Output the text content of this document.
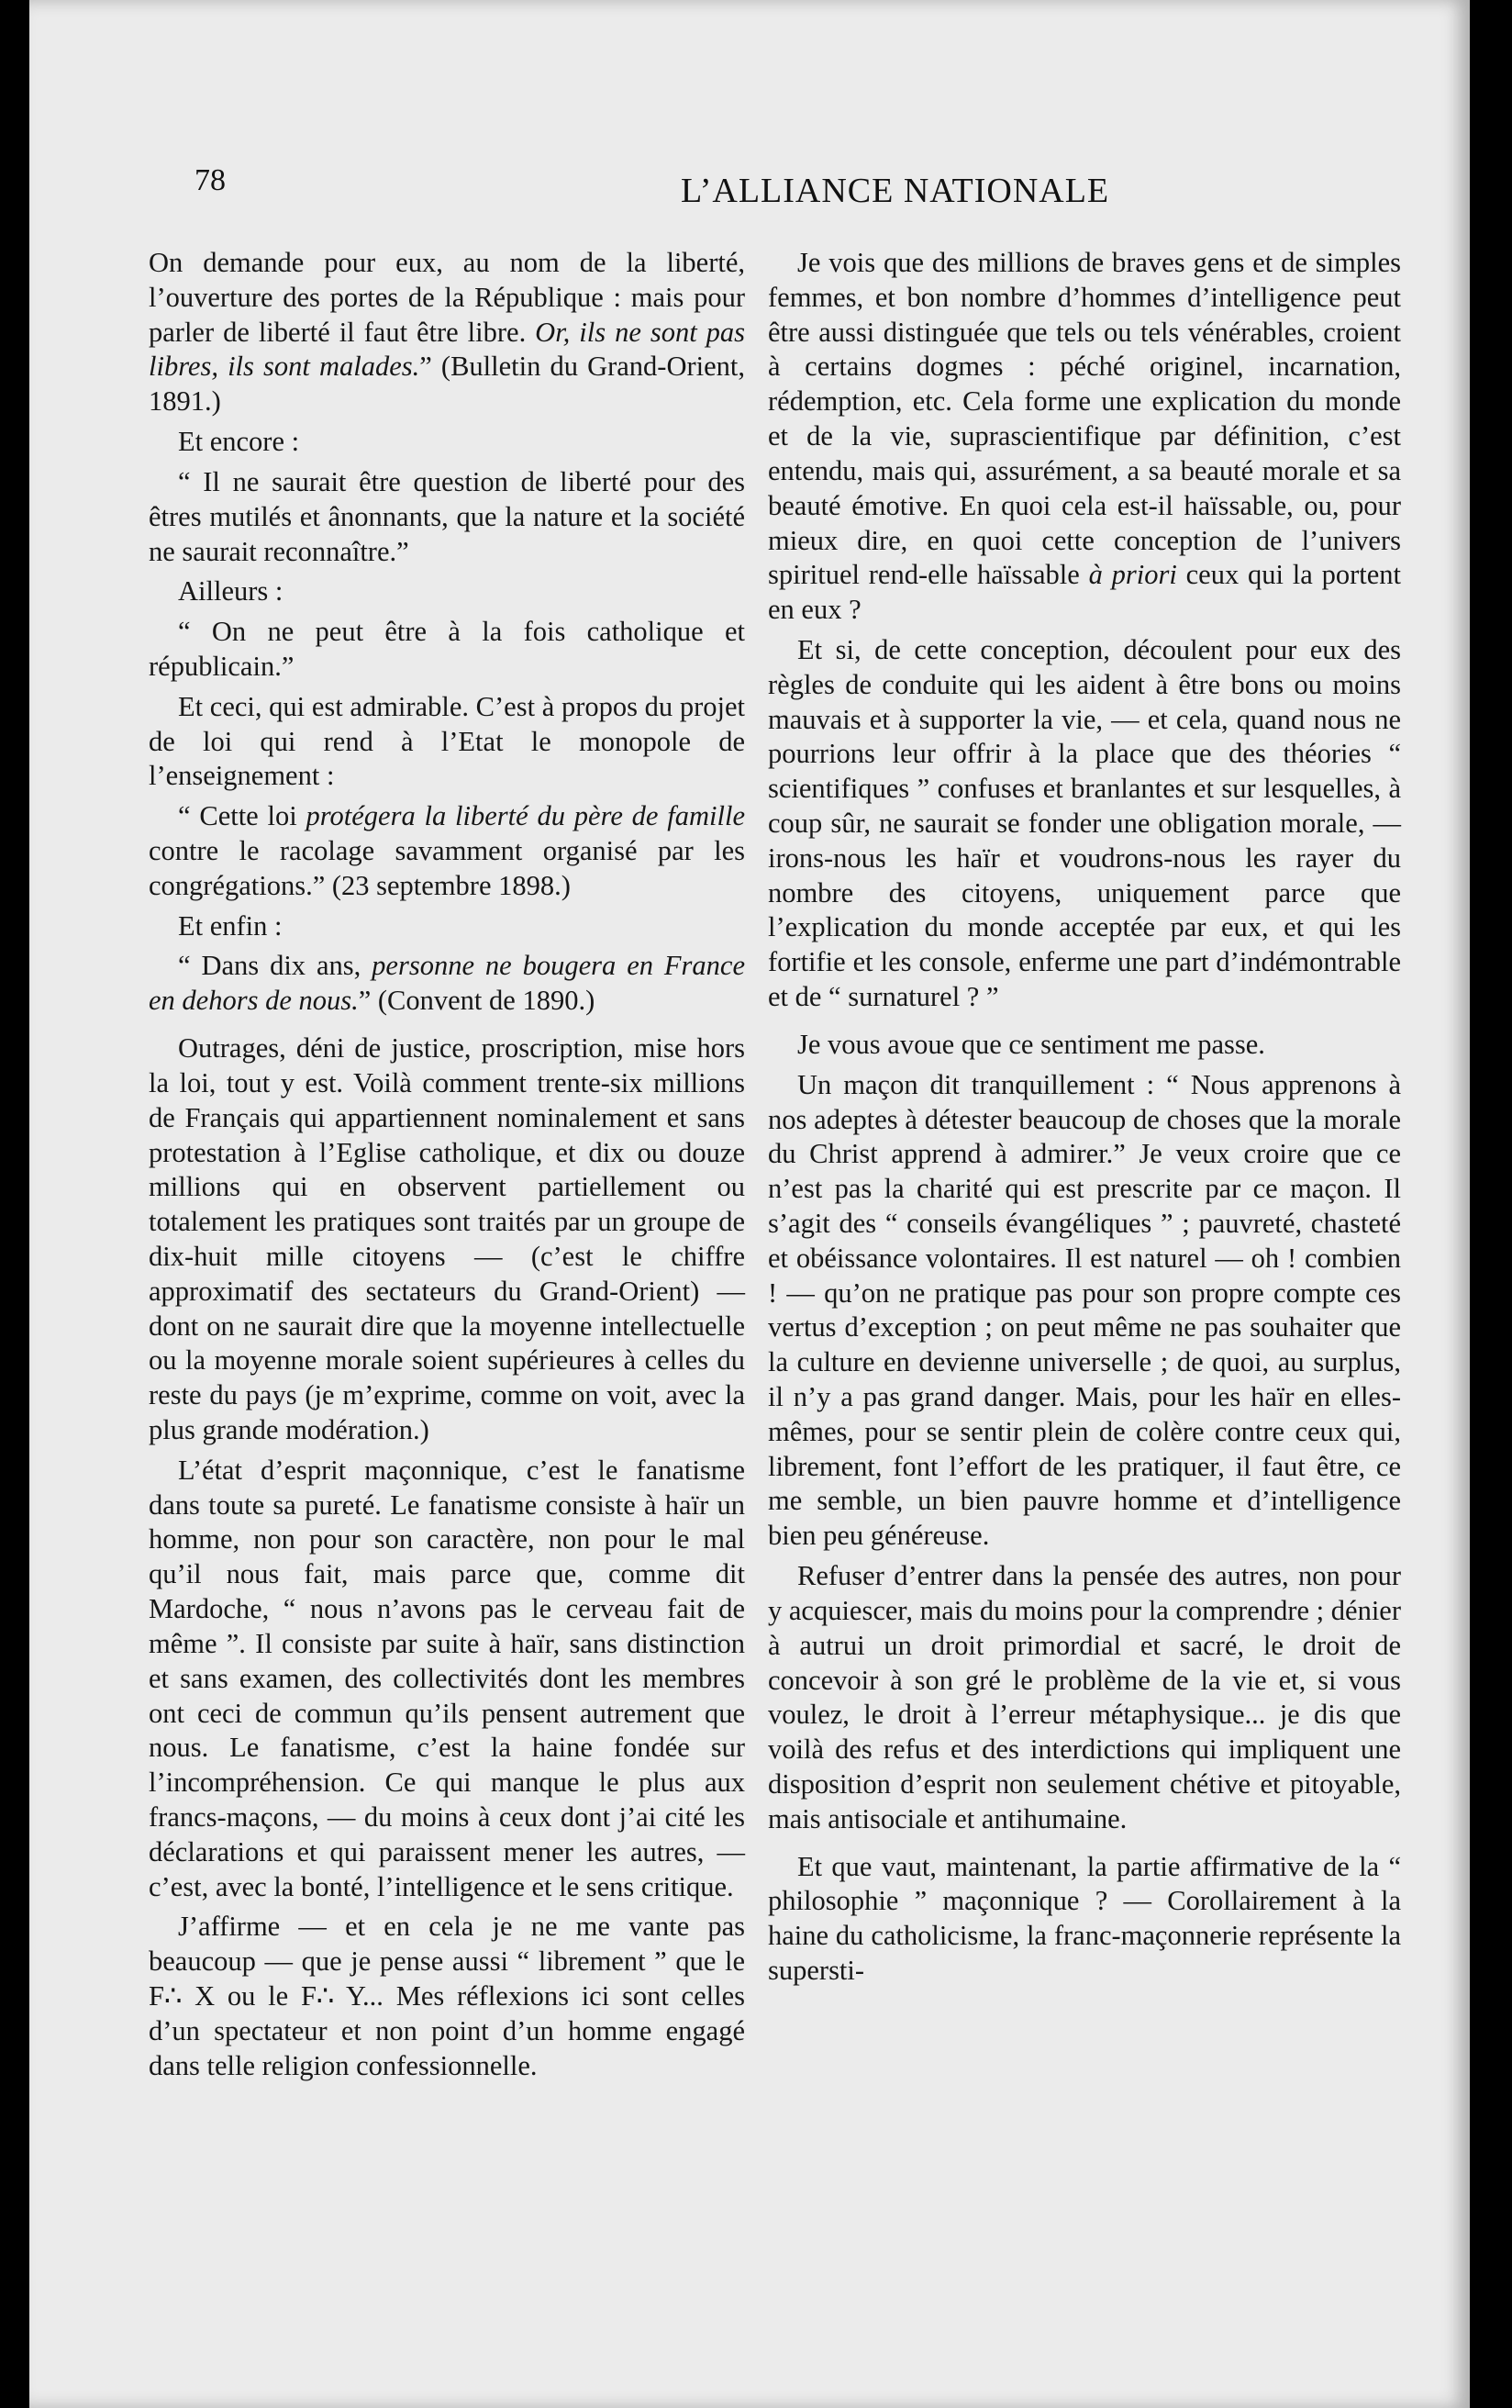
78	L’ALLIANCE NATIONALE

On demande pour eux, au nom de la liberté, l’ouverture des portes de la République : mais pour parler de liberté il faut être libre. Or, ils ne sont pas libres, ils sont malades.” (Bulletin du Grand-Orient, 1891.)

Et encore :

“ Il ne saurait être question de liberté pour des êtres mutilés et ânonnants, que la nature et la société ne saurait reconnaître.”

Ailleurs :

“ On ne peut être à la fois catholique et républicain.”

Et ceci, qui est admirable. C’est à propos du projet de loi qui rend à l’Etat le monopole de l’enseignement :

“ Cette loi protégera la liberté du père de famille contre le racolage savamment organisé par les congrégations.” (23 septembre 1898.)

Et enfin :

“ Dans dix ans, personne ne bougera en France en dehors de nous.” (Convent de 1890.)

Outrages, déni de justice, proscription, mise hors la loi, tout y est. Voilà comment trente-six millions de Français qui appartiennent nominalement et sans protestation à l’Eglise catholique, et dix ou douze millions qui en observent partiellement ou totalement les pratiques sont traités par un groupe de dix-huit mille citoyens — (c’est le chiffre approximatif des sectateurs du Grand-Orient) — dont on ne saurait dire que la moyenne intellectuelle ou la moyenne morale soient supérieures à celles du reste du pays (je m’exprime, comme on voit, avec la plus grande modération.)

L’état d’esprit maçonnique, c’est le fanatisme dans toute sa pureté. Le fanatisme consiste à haïr un homme, non pour son caractère, non pour le mal qu’il nous fait, mais parce que, comme dit Mardoche, “ nous n’avons pas le cerveau fait de même ”. Il consiste par suite à haïr, sans distinction et sans examen, des collectivités dont les membres ont ceci de commun qu’ils pensent autrement que nous. Le fanatisme, c’est la haine fondée sur l’incompréhension. Ce qui manque le plus aux francs-maçons, — du moins à ceux dont j’ai cité les déclarations et qui paraissent mener les autres, — c’est, avec la bonté, l’intelligence et le sens critique.

J’affirme — et en cela je ne me vante pas beaucoup — que je pense aussi “ librement ” que le F∴ X ou le F∴ Y... Mes réflexions ici sont celles d’un spectateur et non point d’un homme engagé dans telle religion confessionnelle.

Je vois que des millions de braves gens et de simples femmes, et bon nombre d’hommes d’intelligence peut être aussi distinguée que tels ou tels vénérables, croient à certains dogmes : péché originel, incarnation, rédemption, etc. Cela forme une explication du monde et de la vie, suprascientifique par définition, c’est entendu, mais qui, assurément, a sa beauté morale et sa beauté émotive. En quoi cela est-il haïssable, ou, pour mieux dire, en quoi cette conception de l’univers spirituel rend-elle haïssable à priori ceux qui la portent en eux ?

Et si, de cette conception, découlent pour eux des règles de conduite qui les aident à être bons ou moins mauvais et à supporter la vie, — et cela, quand nous ne pourrions leur offrir à la place que des théories “ scientifiques ” confuses et branlantes et sur lesquelles, à coup sûr, ne saurait se fonder une obligation morale, — irons-nous les haïr et voudrons-nous les rayer du nombre des citoyens, uniquement parce que l’explication du monde acceptée par eux, et qui les fortifie et les console, enferme une part d’indémontrable et de “ surnaturel ? ”

Je vous avoue que ce sentiment me passe.

Un maçon dit tranquillement : “ Nous apprenons à nos adeptes à détester beaucoup de choses que la morale du Christ apprend à admirer.” Je veux croire que ce n’est pas la charité qui est prescrite par ce maçon. Il s’agit des “ conseils évangéliques ” ; pauvreté, chasteté et obéissance volontaires. Il est naturel — oh ! combien ! — qu’on ne pratique pas pour son propre compte ces vertus d’exception ; on peut même ne pas souhaiter que la culture en devienne universelle ; de quoi, au surplus, il n’y a pas grand danger. Mais, pour les haïr en elles-mêmes, pour se sentir plein de colère contre ceux qui, librement, font l’effort de les pratiquer, il faut être, ce me semble, un bien pauvre homme et d’intelligence bien peu généreuse.

Refuser d’entrer dans la pensée des autres, non pour y acquiescer, mais du moins pour la comprendre ; dénier à autrui un droit primordial et sacré, le droit de concevoir à son gré le problème de la vie et, si vous voulez, le droit à l’erreur métaphysique... je dis que voilà des refus et des interdictions qui impliquent une disposition d’esprit non seulement chétive et pitoyable, mais antisociale et antihumaine.

Et que vaut, maintenant, la partie affirmative de la “ philosophie ” maçonnique ? — Corollairement à la haine du catholicisme, la franc-maçonnerie représente la supersti-
